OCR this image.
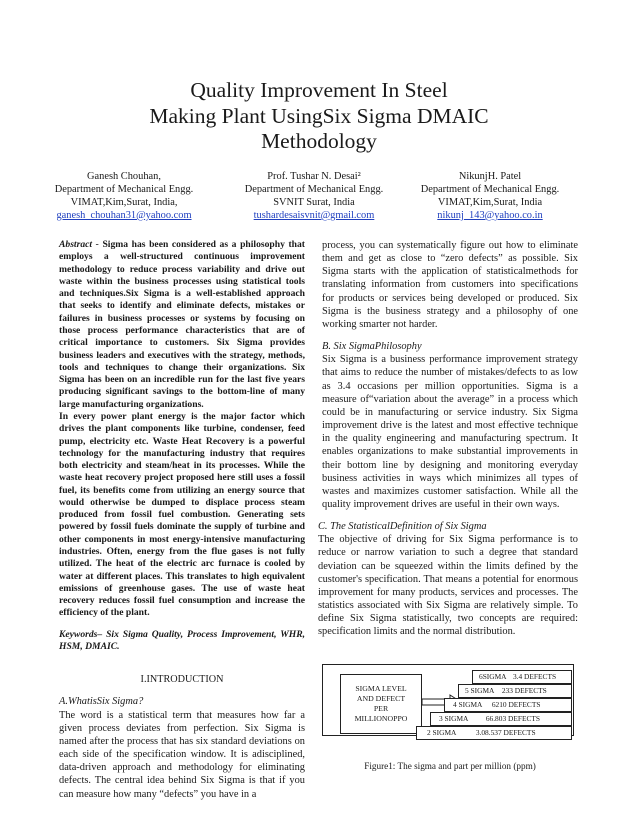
Quality Improvement In Steel
Making Plant UsingSix Sigma DMAIC
Methodology
Ganesh Chouhan,
Department of Mechanical Engg.
VIMAT,Kim,Surat, India,
ganesh_chouhan31@yahoo.com
Prof. Tushar N. Desai²
Department of Mechanical Engg.
SVNIT Surat, India
tushardesaisvnit@gmail.com
NikunjH. Patel
Department of Mechanical Engg.
VIMAT,Kim,Surat, India
nikunj_143@yahoo.co.in

Abstract - Sigma has been considered as a philosophy that employs a well-structured continuous improvement methodology to reduce process variability and drive out waste within the business processes using statistical tools and techniques.Six Sigma is a well-established approach that seeks to identify and eliminate defects, mistakes or failures in business processes or systems by focusing on those process performance characteristics that are of critical importance to customers. Six Sigma provides business leaders and executives with the strategy, methods, tools and techniques to change their organizations. Six Sigma has been on an incredible run for the last five years producing significant savings to the bottom-line of many large manufacturing organizations.

In every power plant energy is the major factor which drives the plant components like turbine, condenser, feed pump, electricity etc. Waste Heat Recovery is a powerful technology for the manufacturing industry that requires both electricity and steam/heat in its processes. While the waste heat recovery project proposed here still uses a fossil fuel, its benefits come from utilizing an energy source that would otherwise be dumped to displace process steam produced from fossil fuel combustion. Generating sets powered by fossil fuels dominate the supply of turbine and other components in most energy-intensive manufacturing industries. Often, energy from the flue gases is not fully utilized. The heat of the electric arc furnace is cooled by water at different places. This translates to high equivalent emissions of greenhouse gases. The use of waste heat recovery reduces fossil fuel consumption and increase the efficiency of the plant.

Keywords– Six Sigma Quality, Process Improvement, WHR, HSM, DMAIC.

I.INTRODUCTION

A.WhatisSix Sigma?

The word is a statistical term that measures how far a given process deviates from perfection. Six Sigma is named after the process that has six standard deviations on each side of the specification window. It is adisciplined, data-driven approach and methodology for eliminating defects. The central idea behind Six Sigma is that if you can measure how many “defects” you have in a

process, you can systematically figure out how to eliminate them and get as close to “zero defects” as possible. Six Sigma starts with the application of statisticalmethods for translating information from customers into specifications for products or services being developed or produced. Six Sigma is the business strategy and a philosophy of one working smarter not harder.

B. Six SigmaPhilosophy

Six Sigma is a business performance improvement strategy that aims to reduce the number of mistakes/defects to as low as 3.4 occasions per million opportunities. Sigma is a measure of“variation about the average” in a process which could be in manufacturing or service industry. Six Sigma improvement drive is the latest and most effective technique in the quality engineering and manufacturing spectrum. It enables organizations to make substantial improvements in their bottom line by designing and monitoring everyday business activities in ways which minimizes all types of wastes and maximizes customer satisfaction. While all the quality improvement drives are useful in their own ways.

C. The StatisticalDefinition of Six Sigma

The objective of driving for Six Sigma performance is to reduce or narrow variation to such a degree that standard deviation can be squeezed within the limits defined by the customer's specification. That means a potential for enormous improvement for many products, services and processes. The statistics associated with Six Sigma are relatively simple. To define Six Sigma statistically, two concepts are required: specification limits and the normal distribution.

SIGMA LEVEL
AND DEFECT
PER
MILLIONOPPO
6SIGMA 3.4 DEFECTS
5 SIGMA 233 DEFECTS
4 SIGMA 6210 DEFECTS
3 SIGMA 66.803 DEFECTS
2 SIGMA	3.08.537 DEFECTS
Figure1: The sigma and part per million (ppm)
